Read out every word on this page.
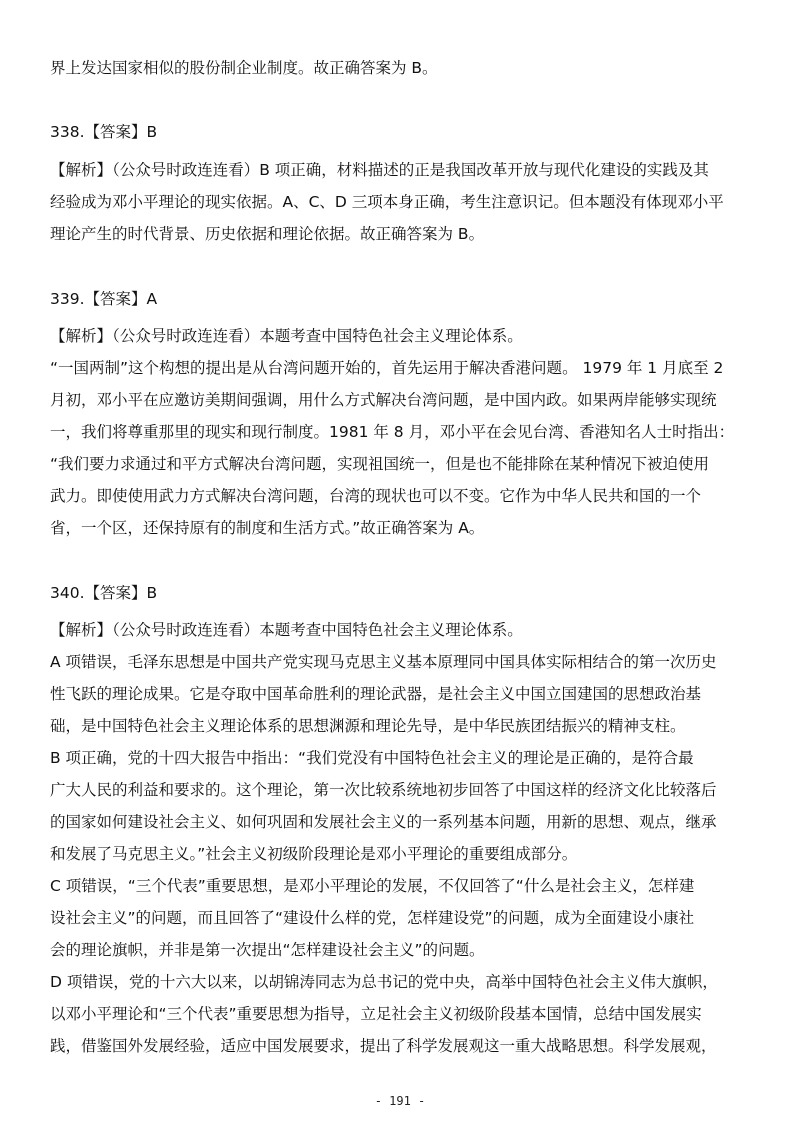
界上发达国家相似的股份制企业制度。故正确答案为 B。
338.【答案】B
【解析】（公众号时政连连看）B 项正确，材料描述的正是我国改革开放与现代化建设的实践及其
经验成为邓小平理论的现实依据。A、C、D 三项本身正确，考生注意识记。但本题没有体现邓小平
理论产生的时代背景、历史依据和理论依据。故正确答案为 B。
339.【答案】A
【解析】（公众号时政连连看）本题考查中国特色社会主义理论体系。
“一国两制”这个构想的提出是从台湾问题开始的，首先运用于解决香港问题。 1979 年 1 月底至 2
月初，邓小平在应邀访美期间强调，用什么方式解决台湾问题，是中国内政。如果两岸能够实现统
一，我们将尊重那里的现实和现行制度。1981 年 8 月，邓小平在会见台湾、香港知名人士时指出：
“我们要力求通过和平方式解决台湾问题，实现祖国统一，但是也不能排除在某种情况下被迫使用
武力。即使使用武力方式解决台湾问题，台湾的现状也可以不变。它作为中华人民共和国的一个
省，一个区，还保持原有的制度和生活方式。”故正确答案为 A。
340.【答案】B
【解析】（公众号时政连连看）本题考查中国特色社会主义理论体系。
A 项错误，毛泽东思想是中国共产党实现马克思主义基本原理同中国具体实际相结合的第一次历史
性飞跃的理论成果。它是夺取中国革命胜利的理论武器，是社会主义中国立国建国的思想政治基
础，是中国特色社会主义理论体系的思想渊源和理论先导，是中华民族团结振兴的精神支柱。
B 项正确，党的十四大报告中指出：“我们党没有中国特色社会主义的理论是正确的，是符合最
广大人民的利益和要求的。这个理论，第一次比较系统地初步回答了中国这样的经济文化比较落后
的国家如何建设社会主义、如何巩固和发展社会主义的一系列基本问题，用新的思想、观点，继承
和发展了马克思主义。”社会主义初级阶段理论是邓小平理论的重要组成部分。
C 项错误，“三个代表”重要思想，是邓小平理论的发展，不仅回答了“什么是社会主义，怎样建
设社会主义”的问题，而且回答了“建设什么样的党，怎样建设党”的问题，成为全面建设小康社
会的理论旗帜，并非是第一次提出“怎样建设社会主义”的问题。
D 项错误，党的十六大以来，以胡锦涛同志为总书记的党中央，高举中国特色社会主义伟大旗帜，
以邓小平理论和“三个代表”重要思想为指导，立足社会主义初级阶段基本国情，总结中国发展实
践，借鉴国外发展经验，适应中国发展要求，提出了科学发展观这一重大战略思想。科学发展观，
- 191 -
